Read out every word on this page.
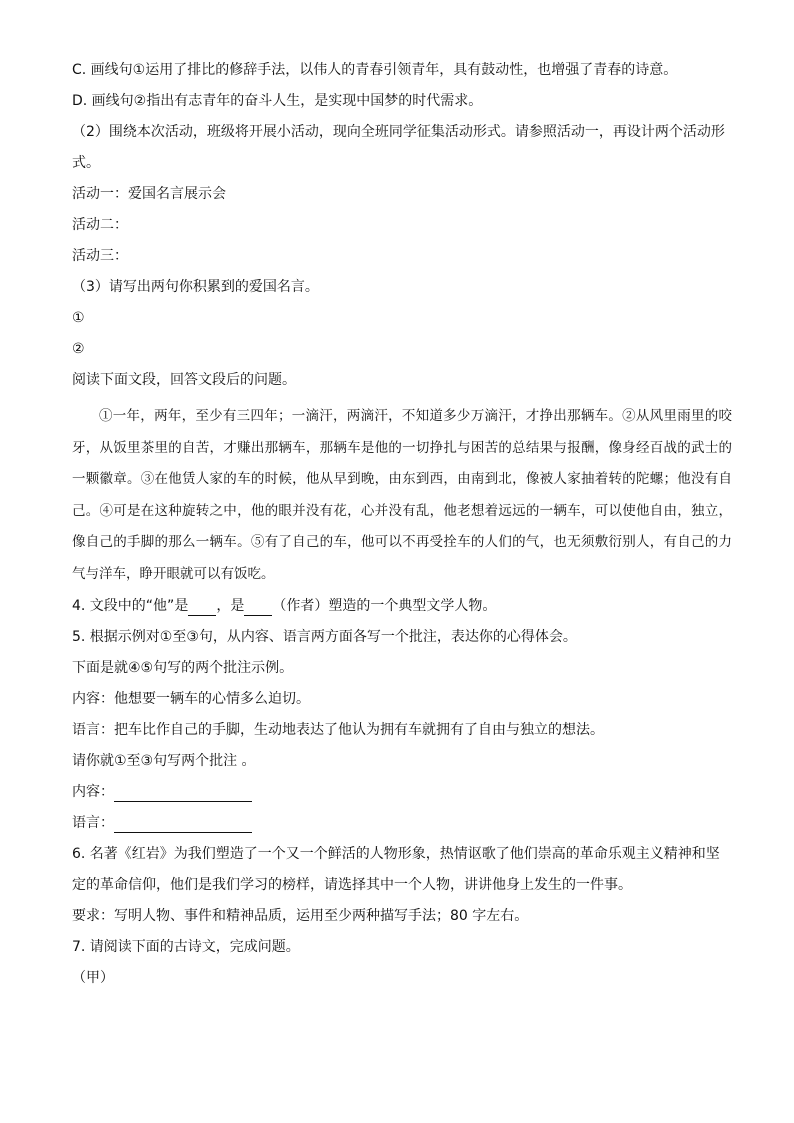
C. 画线句①运用了排比的修辞手法，以伟人的青春引领青年，具有鼓动性，也增强了青春的诗意。
D. 画线句②指出有志青年的奋斗人生，是实现中国梦的时代需求。
（2）围绕本次活动，班级将开展小活动，现向全班同学征集活动形式。请参照活动一，再设计两个活动形
式。
活动一：爱国名言展示会
活动二：
活动三：
（3）请写出两句你积累到的爱国名言。
①
②
阅读下面文段，回答文段后的问题。
①一年，两年，至少有三四年；一滴汗，两滴汗，不知道多少万滴汗，才挣出那辆车。②从风里雨里的咬牙，从饭里茶里的自苦，才赚出那辆车，那辆车是他的一切挣扎与困苦的总结果与报酬，像身经百战的武士的一颗徽章。③在他赁人家的车的时候，他从早到晚，由东到西，由南到北，像被人家抽着转的陀螺；他没有自己。④可是在这种旋转之中，他的眼并没有花，心并没有乱，他老想着远远的一辆车，可以使他自由，独立，像自己的手脚的那么一辆车。⑤有了自己的车，他可以不再受拴车的人们的气，也无须敷衍别人，有自己的力气与洋车，睁开眼就可以有饭吃。
4. 文段中的“他”是 ，是 （作者）塑造的一个典型文学人物。
5. 根据示例对①至③句，从内容、语言两方面各写一个批注，表达你的心得体会。
下面是就④⑤句写的两个批注示例。
内容：他想要一辆车的心情多么迫切。
语言：把车比作自己的手脚，生动地表达了他认为拥有车就拥有了自由与独立的想法。
请你就①至③句写两个批注 。
内容：
语言：
6. 名著《红岩》为我们塑造了一个又一个鲜活的人物形象，热情讴歌了他们崇高的革命乐观主义精神和坚
定的革命信仰，他们是我们学习的榜样，请选择其中一个人物，讲讲他身上发生的一件事。
要求：写明人物、事件和精神品质，运用至少两种描写手法；80 字左右。
7. 请阅读下面的古诗文，完成问题。
（甲）
